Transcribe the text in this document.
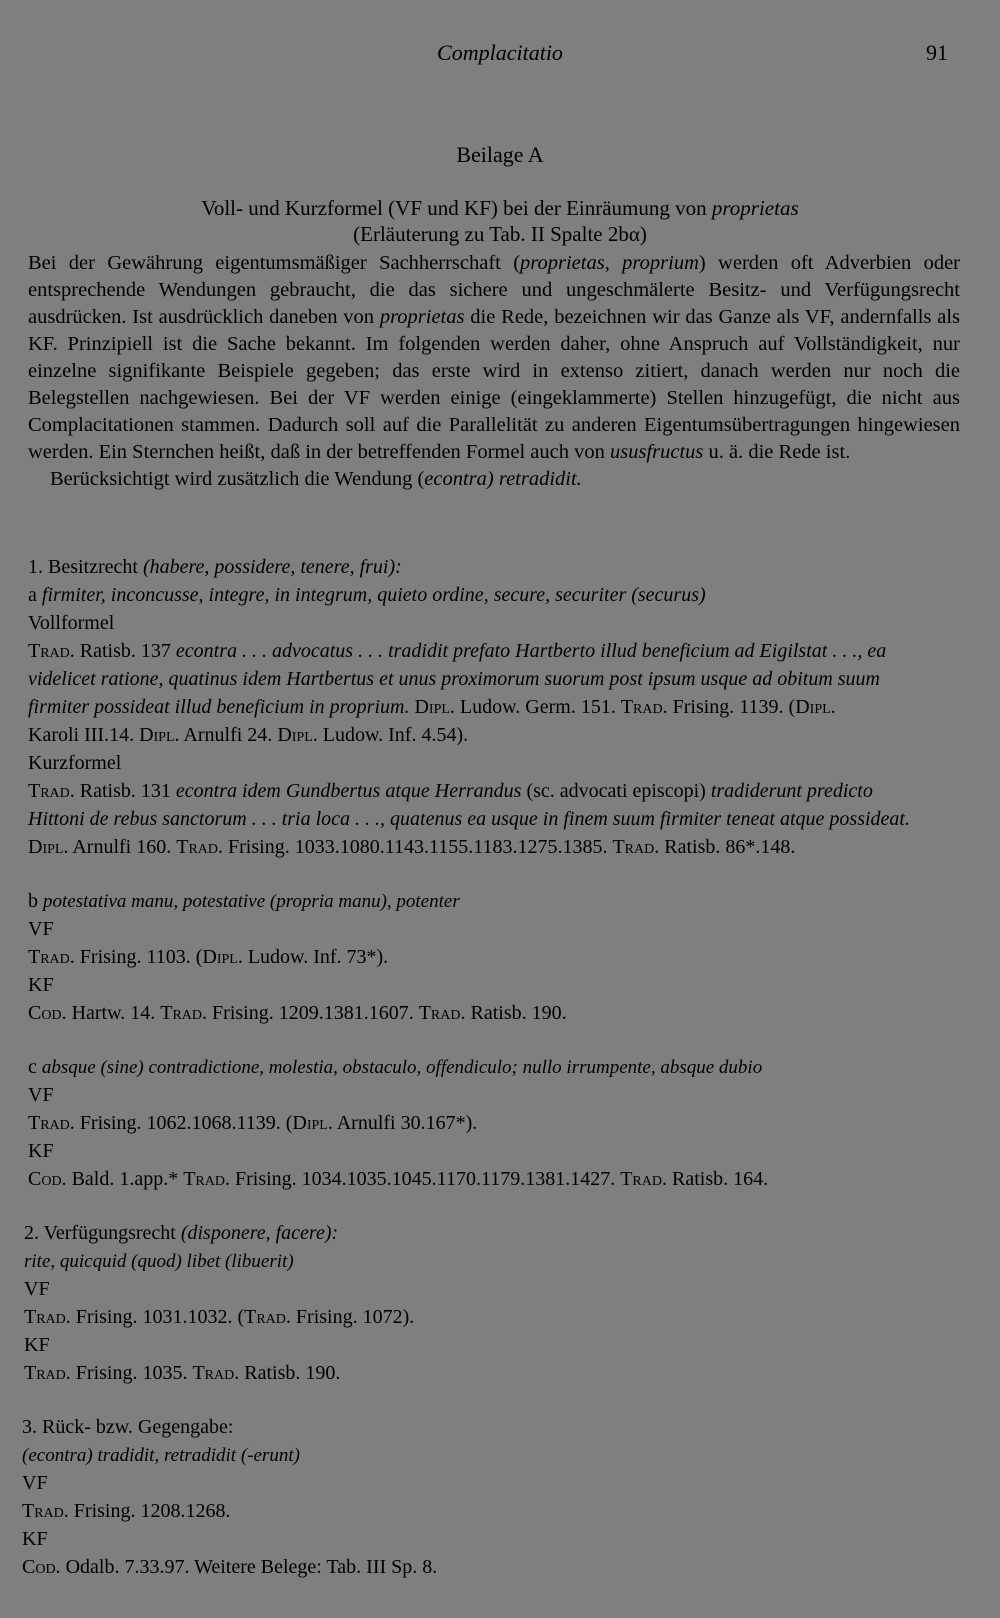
Complacitatio	91
Beilage A
Voll- und Kurzformel (VF und KF) bei der Einräumung von proprietas
(Erläuterung zu Tab. II Spalte 2bα)

Bei der Gewährung eigentumsmäßiger Sachherrschaft (proprietas, proprium) werden oft Adverbien oder entsprechende Wendungen gebraucht, die das sichere und ungeschmälerte Besitz- und Verfügungsrecht ausdrücken. Ist ausdrücklich daneben von proprietas die Rede, bezeichnen wir das Ganze als VF, andernfalls als KF. Prinzipiell ist die Sache bekannt. Im folgenden werden daher, ohne Anspruch auf Vollständigkeit, nur einzelne signifikante Beispiele gegeben; das erste wird in extenso zitiert, danach werden nur noch die Belegstellen nachgewiesen. Bei der VF werden einige (eingeklammerte) Stellen hinzugefügt, die nicht aus Complacitationen stammen. Dadurch soll auf die Parallelität zu anderen Eigentumsübertragungen hingewiesen werden. Ein Sternchen heißt, daß in der betreffenden Formel auch von ususfructus u. ä. die Rede ist.

Berücksichtigt wird zusätzlich die Wendung (econtra) retradidit.

1. Besitzrecht (habere, possidere, tenere, frui):
a firmiter, inconcusse, integre, in integrum, quieto ordine, secure, securiter (securus)
Vollformel
Trad. Ratisb. 137 econtra . . . advocatus . . . tradidit prefato Hartberto illud beneficium ad Eigilstat . . ., ea
videlicet ratione, quatinus idem Hartbertus et unus proximorum suorum post ipsum usque ad obitum suum
firmiter possideat illud beneficium in proprium. Dipl. Ludow. Germ. 151. Trad. Frising. 1139. (Dipl.
Karoli III.14. Dipl. Arnulfi 24. Dipl. Ludow. Inf. 4.54).
Kurzformel
Trad. Ratisb. 131 econtra idem Gundbertus atque Herrandus (sc. advocati episcopi) tradiderunt predicto
Hittoni de rebus sanctorum . . . tria loca . . ., quatenus ea usque in finem suum firmiter teneat atque possideat.
Dipl. Arnulfi 160. Trad. Frising. 1033.1080.1143.1155.1183.1275.1385. Trad. Ratisb. 86*.148.
b potestativa manu, potestative (propria manu), potenter
VF
Trad. Frising. 1103. (Dipl. Ludow. Inf. 73*).
KF
Cod. Hartw. 14. Trad. Frising. 1209.1381.1607. Trad. Ratisb. 190.
c absque (sine) contradictione, molestia, obstaculo, offendiculo; nullo irrumpente, absque dubio
VF
Trad. Frising. 1062.1068.1139. (Dipl. Arnulfi 30.167*).
KF
Cod. Bald. 1.app.* Trad. Frising. 1034.1035.1045.1170.1179.1381.1427. Trad. Ratisb. 164.
2. Verfügungsrecht (disponere, facere):
rite, quicquid (quod) libet (libuerit)
VF
Trad. Frising. 1031.1032. (Trad. Frising. 1072).
KF
Trad. Frising. 1035. Trad. Ratisb. 190.
3. Rück- bzw. Gegengabe:
(econtra) tradidit, retradidit (-erunt)
VF
Trad. Frising. 1208.1268.
KF
Cod. Odalb. 7.33.97. Weitere Belege: Tab. III Sp. 8.
